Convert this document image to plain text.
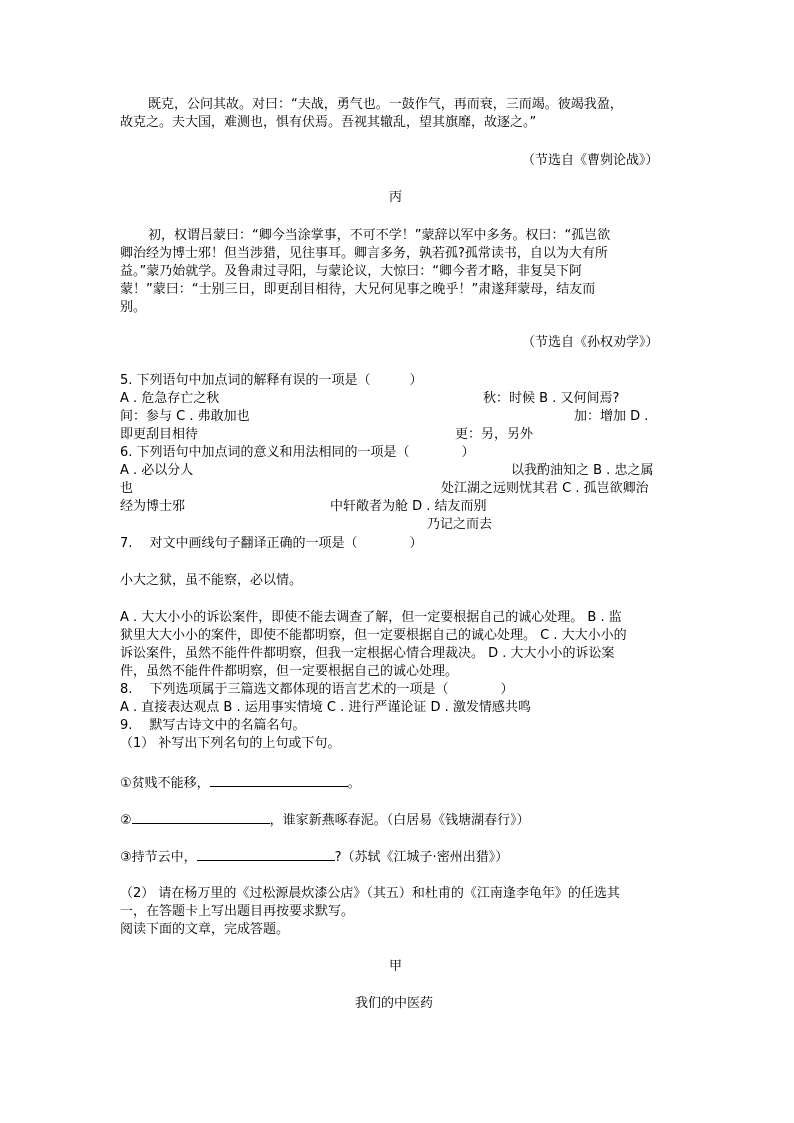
既克，公问其故。对曰：“夫战，勇气也。一鼓作气，再而衰，三而竭。彼竭我盈，
故克之。夫大国，难测也，惧有伏焉。吾视其辙乱，望其旗靡，故逐之。”
（节选自《曹刿论战》）
丙
初，权谓吕蒙曰：“卿今当涂掌事，不可不学！”蒙辞以军中多务。权曰：“孤岂欲
卿治经为博士邪！但当涉猎，见往事耳。卿言多务，孰若孤?孤常读书，自以为大有所
益。”蒙乃始就学。及鲁肃过寻阳，与蒙论议，大惊曰：“卿今者才略，非复吴下阿
蒙！”蒙曰：“士别三日，即更刮目相待，大兄何见事之晚乎！”肃遂拜蒙母，结友而
别。
（节选自《孙权劝学》）
5. 下列语句中加点词的解释有误的一项是（　　　）
A . 危急存亡之秋	秋：时候 B . 又何间焉?
间：参与 C . 弗敢加也	加：增加 D .
即更刮目相待	更：另，另外
6. 下列语句中加点词的意义和用法相同的一项是（　　　　）
A . 必以分人	以我酌油知之 B . 忠之属
也	处江湖之远则忧其君 C . 孤岂欲卿治
经为博士邪	中轩敞者为舱 D . 结友而别
乃记之而去
7.　 对文中画线句子翻译正确的一项是（　　　　）
小大之狱，虽不能察，必以情。
A . 大大小小的诉讼案件，即使不能去调查了解，但一定要根据自己的诚心处理。 B . 监
狱里大大小小的案件，即使不能都明察，但一定要根据自己的诚心处理。 C . 大大小小的
诉讼案件，虽然不能件件都明察，但我一定根据心情合理裁决。 D . 大大小小的诉讼案
件，虽然不能件件都明察，但一定要根据自己的诚心处理。
8.　 下列选项属于三篇选文都体现的语言艺术的一项是（　　　　）
A . 直接表达观点 B . 运用事实情境 C . 进行严谨论证 D . 激发情感共鸣
9.　 默写古诗文中的名篇名句。
（1） 补写出下列名句的上句或下句。
①贫贱不能移，	。
②	，谁家新燕啄春泥。（白居易《钱塘湖春行》）
③持节云中，	?（苏轼《江城子·密州出猎》）
（2） 请在杨万里的《过松源晨炊漆公店》（其五）和杜甫的《江南逢李龟年》的任选其
一，在答题卡上写出题目再按要求默写。
阅读下面的文章，完成答题。
甲
我们的中医药
